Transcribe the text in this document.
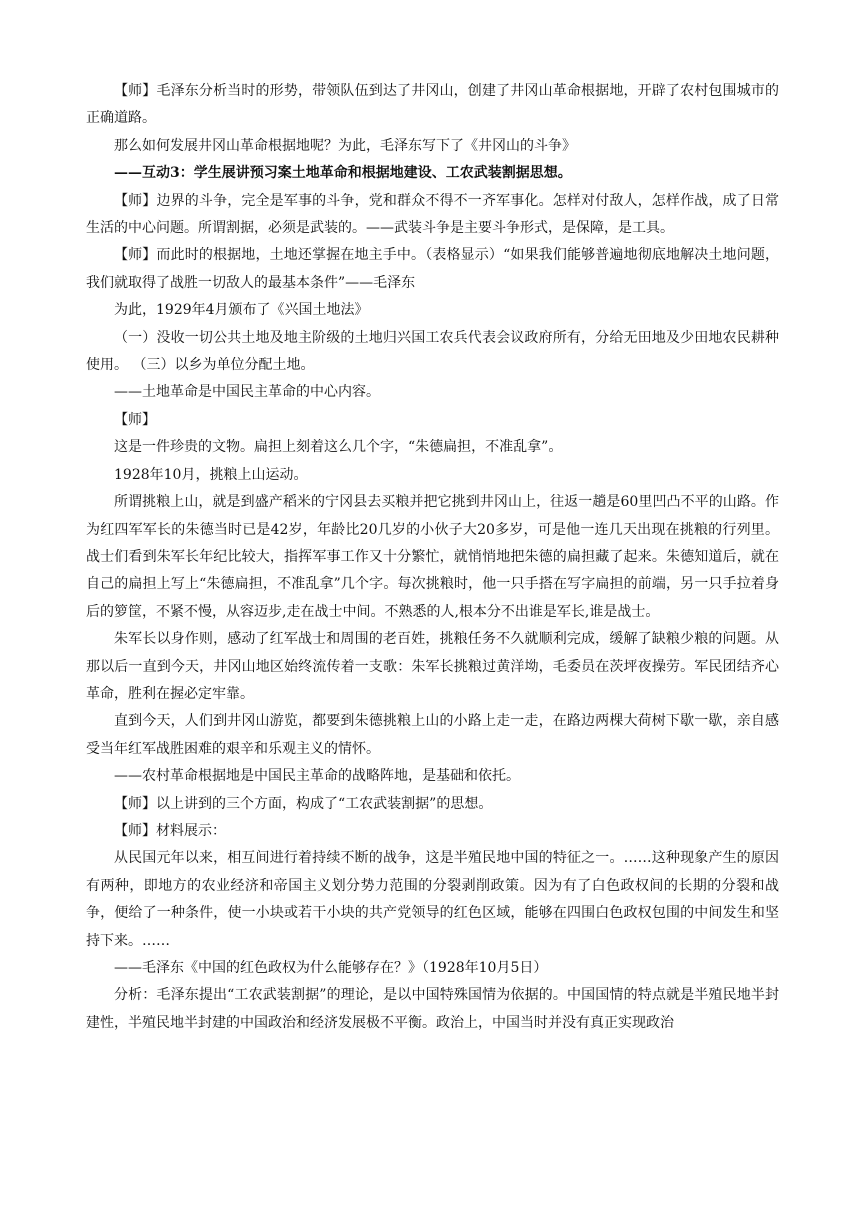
【师】毛泽东分析当时的形势，带领队伍到达了井冈山，创建了井冈山革命根据地，开辟了农村包围城市的正确道路。

那么如何发展井冈山革命根据地呢？为此，毛泽东写下了《井冈山的斗争》

——互动3：学生展讲预习案土地革命和根据地建设、工农武装割据思想。

【师】边界的斗争，完全是军事的斗争，党和群众不得不一齐军事化。怎样对付敌人，怎样作战，成了日常生活的中心问题。所谓割据，必须是武装的。——武装斗争是主要斗争形式，是保障，是工具。

【师】而此时的根据地，土地还掌握在地主手中。（表格显示）“如果我们能够普遍地彻底地解决土地问题，我们就取得了战胜一切敌人的最基本条件”——毛泽东

为此，1929年4月颁布了《兴国土地法》

（一）没收一切公共土地及地主阶级的土地归兴国工农兵代表会议政府所有，分给无田地及少田地农民耕种使用。 （三）以乡为单位分配土地。

——土地革命是中国民主革命的中心内容。

【师】

这是一件珍贵的文物。扁担上刻着这么几个字，“朱德扁担，不准乱拿”。

1928年10月，挑粮上山运动。

所谓挑粮上山，就是到盛产稻米的宁冈县去买粮并把它挑到井冈山上，往返一趟是60里凹凸不平的山路。作为红四军军长的朱德当时已是42岁，年龄比20几岁的小伙子大20多岁，可是他一连几天出现在挑粮的行列里。战士们看到朱军长年纪比较大，指挥军事工作又十分繁忙，就悄悄地把朱德的扁担藏了起来。朱德知道后，就在自己的扁担上写上“朱德扁担，不准乱拿”几个字。每次挑粮时，他一只手搭在写字扁担的前端，另一只手拉着身后的箩筐，不紧不慢，从容迈步,走在战士中间。不熟悉的人,根本分不出谁是军长,谁是战士。

朱军长以身作则，感动了红军战士和周围的老百姓，挑粮任务不久就顺利完成，缓解了缺粮少粮的问题。从那以后一直到今天，井冈山地区始终流传着一支歌：朱军长挑粮过黄洋坳，毛委员在茨坪夜操劳。军民团结齐心革命，胜利在握必定牢靠。

直到今天，人们到井冈山游览，都要到朱德挑粮上山的小路上走一走，在路边两棵大荷树下歇一歇，亲自感受当年红军战胜困难的艰辛和乐观主义的情怀。

——农村革命根据地是中国民主革命的战略阵地，是基础和依托。

【师】以上讲到的三个方面，构成了“工农武装割据”的思想。

【师】材料展示：

从民国元年以来，相互间进行着持续不断的战争，这是半殖民地中国的特征之一。……这种现象产生的原因有两种，即地方的农业经济和帝国主义划分势力范围的分裂剥削政策。因为有了白色政权间的长期的分裂和战争，便给了一种条件，使一小块或若干小块的共产党领导的红色区域，能够在四围白色政权包围的中间发生和坚持下来。……

——毛泽东《中国的红色政权为什么能够存在？》（1928年10月5日）

分析：毛泽东提出“工农武装割据”的理论，是以中国特殊国情为依据的。中国国情的特点就是半殖民地半封建性，半殖民地半封建的中国政治和经济发展极不平衡。政治上，中国当时并没有真正实现政治
